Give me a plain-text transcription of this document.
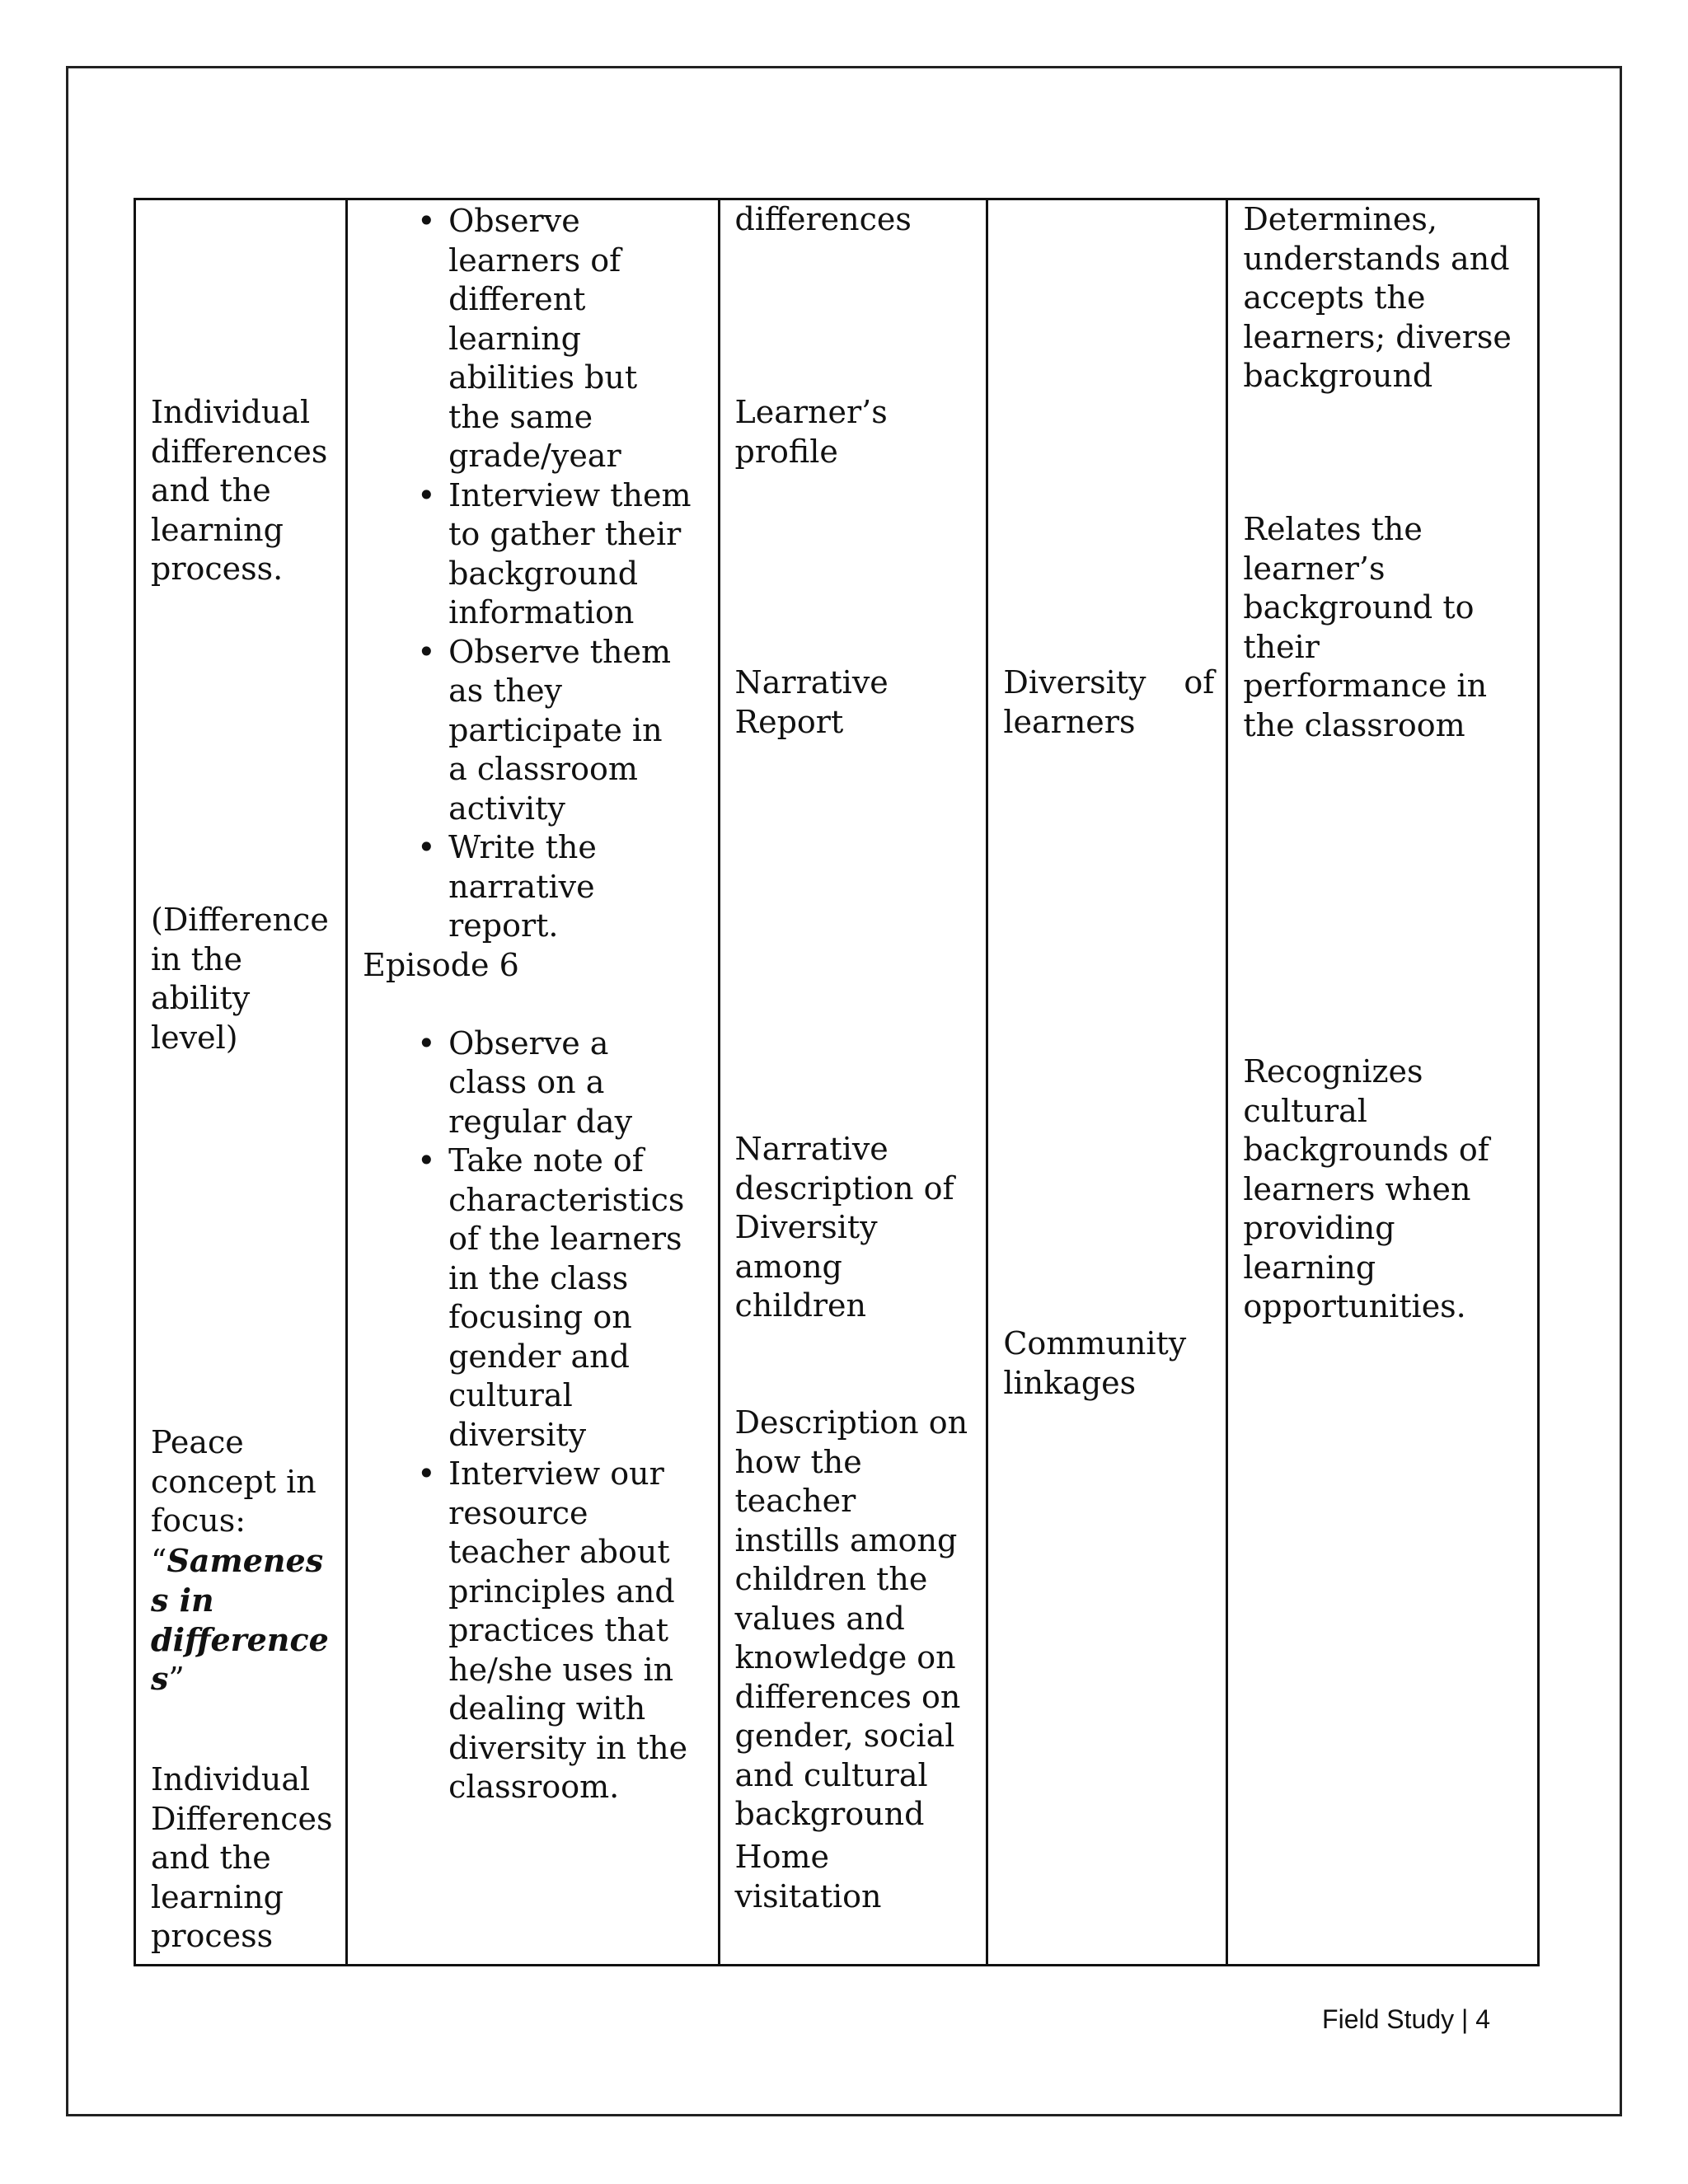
Individual
differences
and the
learning
process.
(Difference
in the
ability
level)
Peace
concept in
focus:
“Samenes
s in
difference
s”
Individual
Differences
and the
learning
process
• Observe
learners of
different
learning
abilities but
the same
grade/year
• Interview them
to gather their
background
information
• Observe them
as they
participate in
a classroom
activity
• Write the
narrative
report.
Episode 6
• Observe a
class on a
regular day
• Take note of
characteristics
of the learners
in the class
focusing on
gender and
cultural
diversity
• Interview our
resource
teacher about
principles and
practices that
he/she uses in
dealing with
diversity in the
classroom.
differences
Learner’s
profile
Narrative
Report
Narrative
description of
Diversity
among
children
Description on
how the
teacher
instills among
children the
values and
knowledge on
differences on
gender, social
and cultural
background
Home
visitation
Diversity of
learners
Community
linkages
Determines,
understands and
accepts the
learners; diverse
background
Relates the
learner’s
background to
their
performance in
the classroom
Recognizes
cultural
backgrounds of
learners when
providing
learning
opportunities.
Field Study | 4
